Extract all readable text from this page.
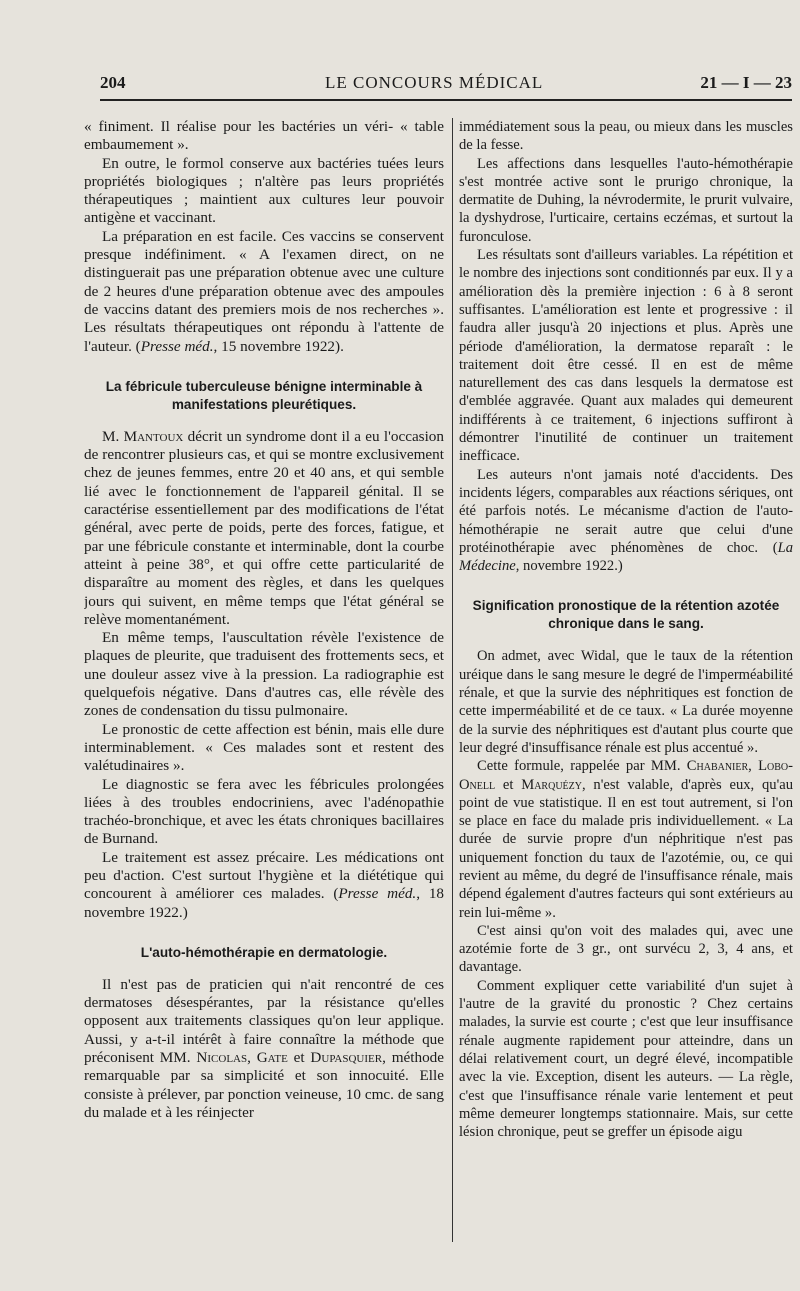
204	LE CONCOURS MÉDICAL	21 — I — 23

« finiment. Il réalise pour les bactéries un véri- « table embaumement ».

En outre, le formol conserve aux bactéries tuées leurs propriétés biologiques ; n'altère pas leurs propriétés thérapeutiques ; maintient aux cultures leur pouvoir antigène et vaccinant.

La préparation en est facile. Ces vaccins se conservent presque indéfiniment. « A l'examen direct, on ne distinguerait pas une préparation obtenue avec une culture de 2 heures d'une préparation obtenue avec des ampoules de vaccins datant des premiers mois de nos recherches ». Les résultats thérapeutiques ont répondu à l'attente de l'auteur. (Presse méd., 15 novembre 1922).

La fébricule tuberculeuse bénigne interminable à manifestations pleurétiques.

M. Mantoux décrit un syndrome dont il a eu l'occasion de rencontrer plusieurs cas, et qui se montre exclusivement chez de jeunes femmes, entre 20 et 40 ans, et qui semble lié avec le fonctionnement de l'appareil génital. Il se caractérise essentiellement par des modifications de l'état général, avec perte de poids, perte des forces, fatigue, et par une fébricule constante et interminable, dont la courbe atteint à peine 38°, et qui offre cette particularité de disparaître au moment des règles, et dans les quelques jours qui suivent, en même temps que l'état général se relève momentanément.

En même temps, l'auscultation révèle l'existence de plaques de pleurite, que traduisent des frottements secs, et une douleur assez vive à la pression. La radiographie est quelquefois négative. Dans d'autres cas, elle révèle des zones de condensation du tissu pulmonaire.

Le pronostic de cette affection est bénin, mais elle dure interminablement. « Ces malades sont et restent des valétudinaires ».

Le diagnostic se fera avec les fébricules prolongées liées à des troubles endocriniens, avec l'adénopathie trachéo-bronchique, et avec les états chroniques bacillaires de Burnand.

Le traitement est assez précaire. Les médications ont peu d'action. C'est surtout l'hygiène et la diététique qui concourent à améliorer ces malades. (Presse méd., 18 novembre 1922.)

L'auto-hémothérapie en dermatologie.

Il n'est pas de praticien qui n'ait rencontré de ces dermatoses désespérantes, par la résistance qu'elles opposent aux traitements classiques qu'on leur applique. Aussi, y a-t-il intérêt à faire connaître la méthode que préconisent MM. Nicolas, Gate et Dupasquier, méthode remarquable par sa simplicité et son innocuité. Elle consiste à prélever, par ponction veineuse, 10 cmc. de sang du malade et à les réinjecter

immédiatement sous la peau, ou mieux dans les muscles de la fesse.

Les affections dans lesquelles l'auto-hémothérapie s'est montrée active sont le prurigo chronique, la dermatite de Duhing, la névrodermite, le prurit vulvaire, la dyshydrose, l'urticaire, certains eczémas, et surtout la furonculose.

Les résultats sont d'ailleurs variables. La répétition et le nombre des injections sont conditionnés par eux. Il y a amélioration dès la première injection : 6 à 8 seront suffisantes. L'amélioration est lente et progressive : il faudra aller jusqu'à 20 injections et plus. Après une période d'amélioration, la dermatose reparaît : le traitement doit être cessé. Il en est de même naturellement des cas dans lesquels la dermatose est d'emblée aggravée. Quant aux malades qui demeurent indifférents à ce traitement, 6 injections suffiront à démontrer l'inutilité de continuer un traitement inefficace.

Les auteurs n'ont jamais noté d'accidents. Des incidents légers, comparables aux réactions sériques, ont été parfois notés. Le mécanisme d'action de l'auto-hémothérapie ne serait autre que celui d'une protéinothérapie avec phénomènes de choc. (La Médecine, novembre 1922.)

Signification pronostique de la rétention azotée chronique dans le sang.

On admet, avec Widal, que le taux de la rétention uréique dans le sang mesure le degré de l'imperméabilité rénale, et que la survie des néphritiques est fonction de cette imperméabilité et de ce taux. « La durée moyenne de la survie des néphritiques est d'autant plus courte que leur degré d'insuffisance rénale est plus accentué ».

Cette formule, rappelée par MM. Chabanier, Lobo-Onell et Marquézy, n'est valable, d'après eux, qu'au point de vue statistique. Il en est tout autrement, si l'on se place en face du malade pris individuellement. « La durée de survie propre d'un néphritique n'est pas uniquement fonction du taux de l'azotémie, ou, ce qui revient au même, du degré de l'insuffisance rénale, mais dépend également d'autres facteurs qui sont extérieurs au rein lui-même ».

C'est ainsi qu'on voit des malades qui, avec une azotémie forte de 3 gr., ont survécu 2, 3, 4 ans, et davantage.

Comment expliquer cette variabilité d'un sujet à l'autre de la gravité du pronostic ? Chez certains malades, la survie est courte ; c'est que leur insuffisance rénale augmente rapidement pour atteindre, dans un délai relativement court, un degré élevé, incompatible avec la vie. Exception, disent les auteurs. — La règle, c'est que l'insuffisance rénale varie lentement et peut même demeurer longtemps stationnaire. Mais, sur cette lésion chronique, peut se greffer un épisode aigu
